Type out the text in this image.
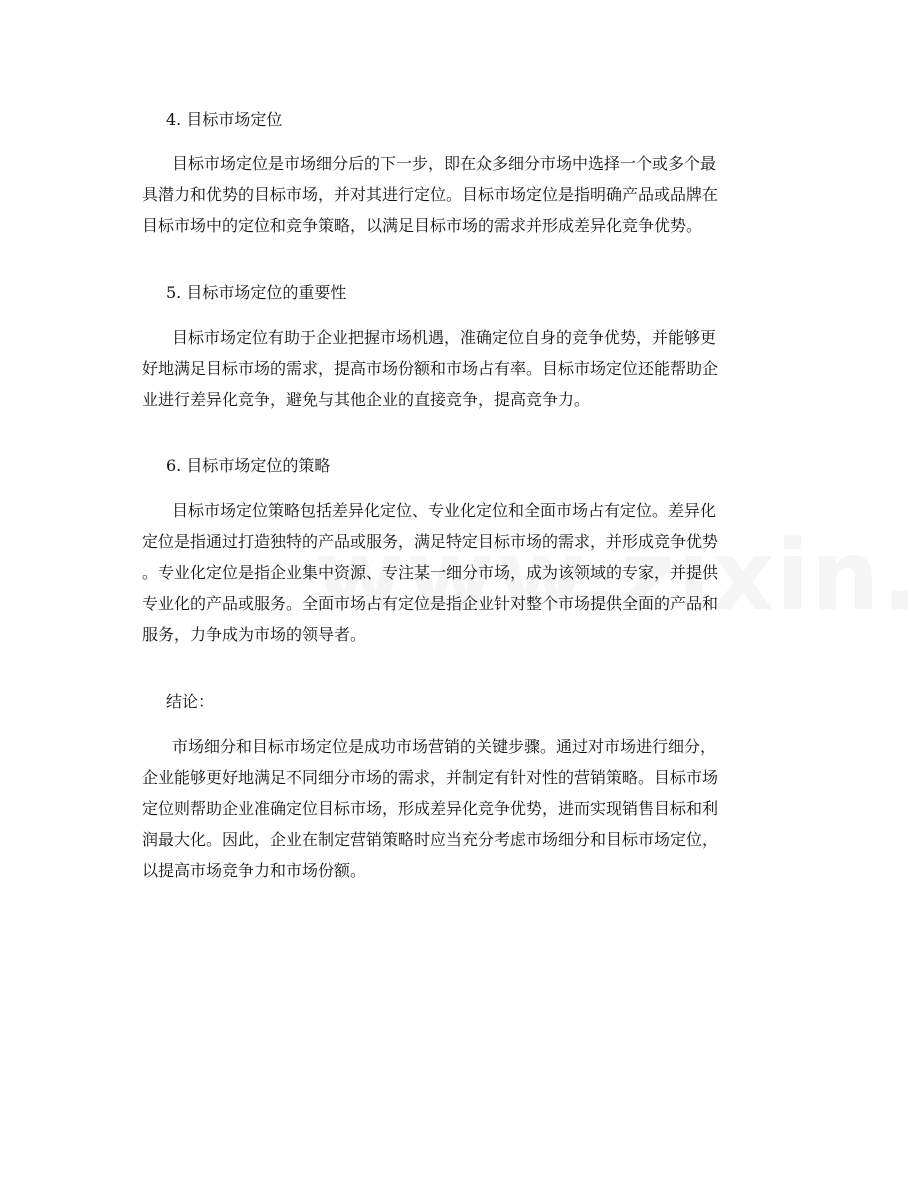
4. 目标市场定位
目标市场定位是市场细分后的下一步，即在众多细分市场中选择一个或多个最
具潜力和优势的目标市场，并对其进行定位。目标市场定位是指明确产品或品牌在
目标市场中的定位和竞争策略，以满足目标市场的需求并形成差异化竞争优势。
5. 目标市场定位的重要性
目标市场定位有助于企业把握市场机遇，准确定位自身的竞争优势，并能够更
好地满足目标市场的需求，提高市场份额和市场占有率。目标市场定位还能帮助企
业进行差异化竞争，避免与其他企业的直接竞争，提高竞争力。
6. 目标市场定位的策略
目标市场定位策略包括差异化定位、专业化定位和全面市场占有定位。差异化
定位是指通过打造独特的产品或服务，满足特定目标市场的需求，并形成竞争优势
。专业化定位是指企业集中资源、专注某一细分市场，成为该领域的专家，并提供
专业化的产品或服务。全面市场占有定位是指企业针对整个市场提供全面的产品和
服务，力争成为市场的领导者。
结论：
市场细分和目标市场定位是成功市场营销的关键步骤。通过对市场进行细分，
企业能够更好地满足不同细分市场的需求，并制定有针对性的营销策略。目标市场
定位则帮助企业准确定位目标市场，形成差异化竞争优势，进而实现销售目标和利
润最大化。因此，企业在制定营销策略时应当充分考虑市场细分和目标市场定位，
以提高市场竞争力和市场份额。
